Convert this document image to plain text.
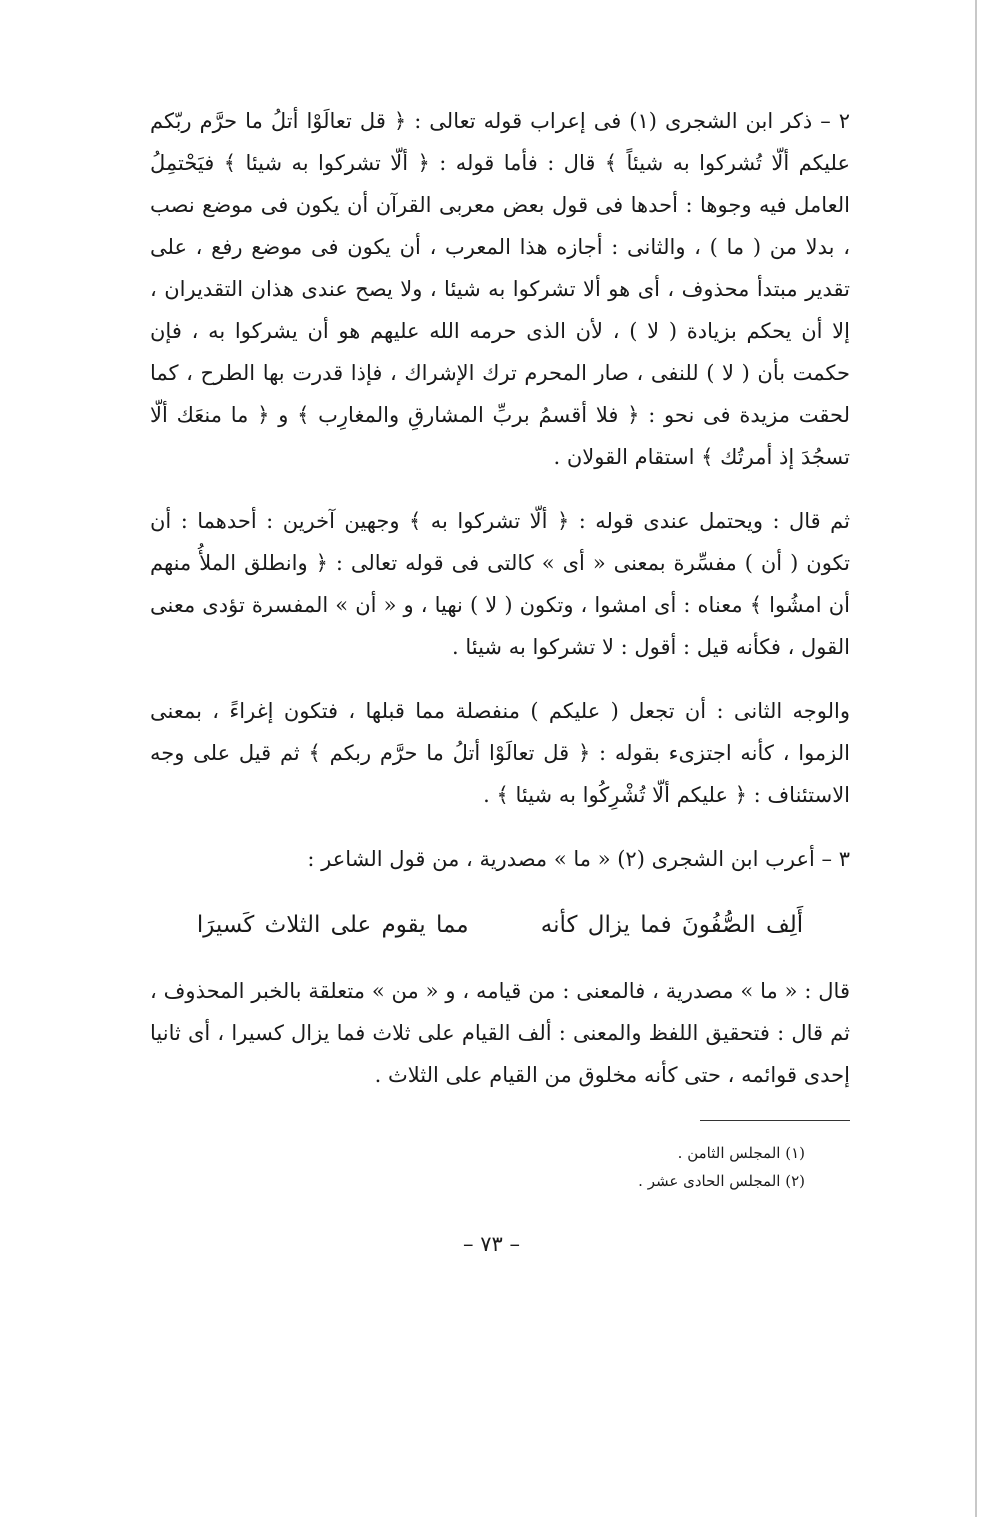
٢ – ذكر ابن الشجرى (١) فى إعراب قوله تعالى : ﴿ قل تعالَوْا أتلُ ما حرَّم ربّكم عليكم ألّا تُشركوا به شيئاً ﴾ قال : فأما قوله : ﴿ ألّا تشركوا به شيئا ﴾ فيَحْتمِلُ العامل فيه وجوها : أحدها فى قول بعض معربى القرآن أن يكون فى موضع نصب ، بدلا من ( ما ) ، والثانى : أجازه هذا المعرب ، أن يكون فى موضع رفع ، على تقدير مبتدأ محذوف ، أى هو ألا تشركوا به شيئا ، ولا يصح عندى هذان التقديران ، إلا أن يحكم بزيادة ( لا ) ، لأن الذى حرمه الله عليهم هو أن يشركوا به ، فإن حكمت بأن ( لا ) للنفى ، صار المحرم ترك الإشراك ، فإذا قدرت بها الطرح ، كما لحقت مزيدة فى نحو : ﴿ فلا أقسمُ بربِّ المشارقِ والمغارِب ﴾ و ﴿ ما منعَك ألّا تسجُدَ إذ أمرتُك ﴾ استقام القولان .

ثم قال : ويحتمل عندى قوله : ﴿ ألّا تشركوا به ﴾ وجهين آخرين : أحدهما : أن تكون ( أن ) مفسِّرة بمعنى « أى » كالتى فى قوله تعالى : ﴿ وانطلق الملأُ منهم أن امشُوا ﴾ معناه : أى امشوا ، وتكون ( لا ) نهيا ، و « أن » المفسرة تؤدى معنى القول ، فكأنه قيل : أقول : لا تشركوا به شيئا .

والوجه الثانى : أن تجعل ( عليكم ) منفصلة مما قبلها ، فتكون إغراءً ، بمعنى الزموا ، كأنه اجتزىء بقوله : ﴿ قل تعالَوْا أتلُ ما حرَّم ربكم ﴾ ثم قيل على وجه الاستئناف : ﴿ عليكم ألّا تُشْرِكُوا به شيئا ﴾ .

٣ – أعرب ابن الشجرى (٢) « ما » مصدرية ، من قول الشاعر :

أَلِف الصُّفُونَ فما يزال كأنه       مما يقوم على الثلاث كَسيرَا

قال : « ما » مصدرية ، فالمعنى : من قيامه ، و « من » متعلقة بالخبر المحذوف ، ثم قال : فتحقيق اللفظ والمعنى : ألف القيام على ثلاث فما يزال كسيرا ، أى ثانيا إحدى قوائمه ، حتى كأنه مخلوق من القيام على الثلاث .

(١) المجلس الثامن .

(٢) المجلس الحادى عشر .

– ٧٣ –
